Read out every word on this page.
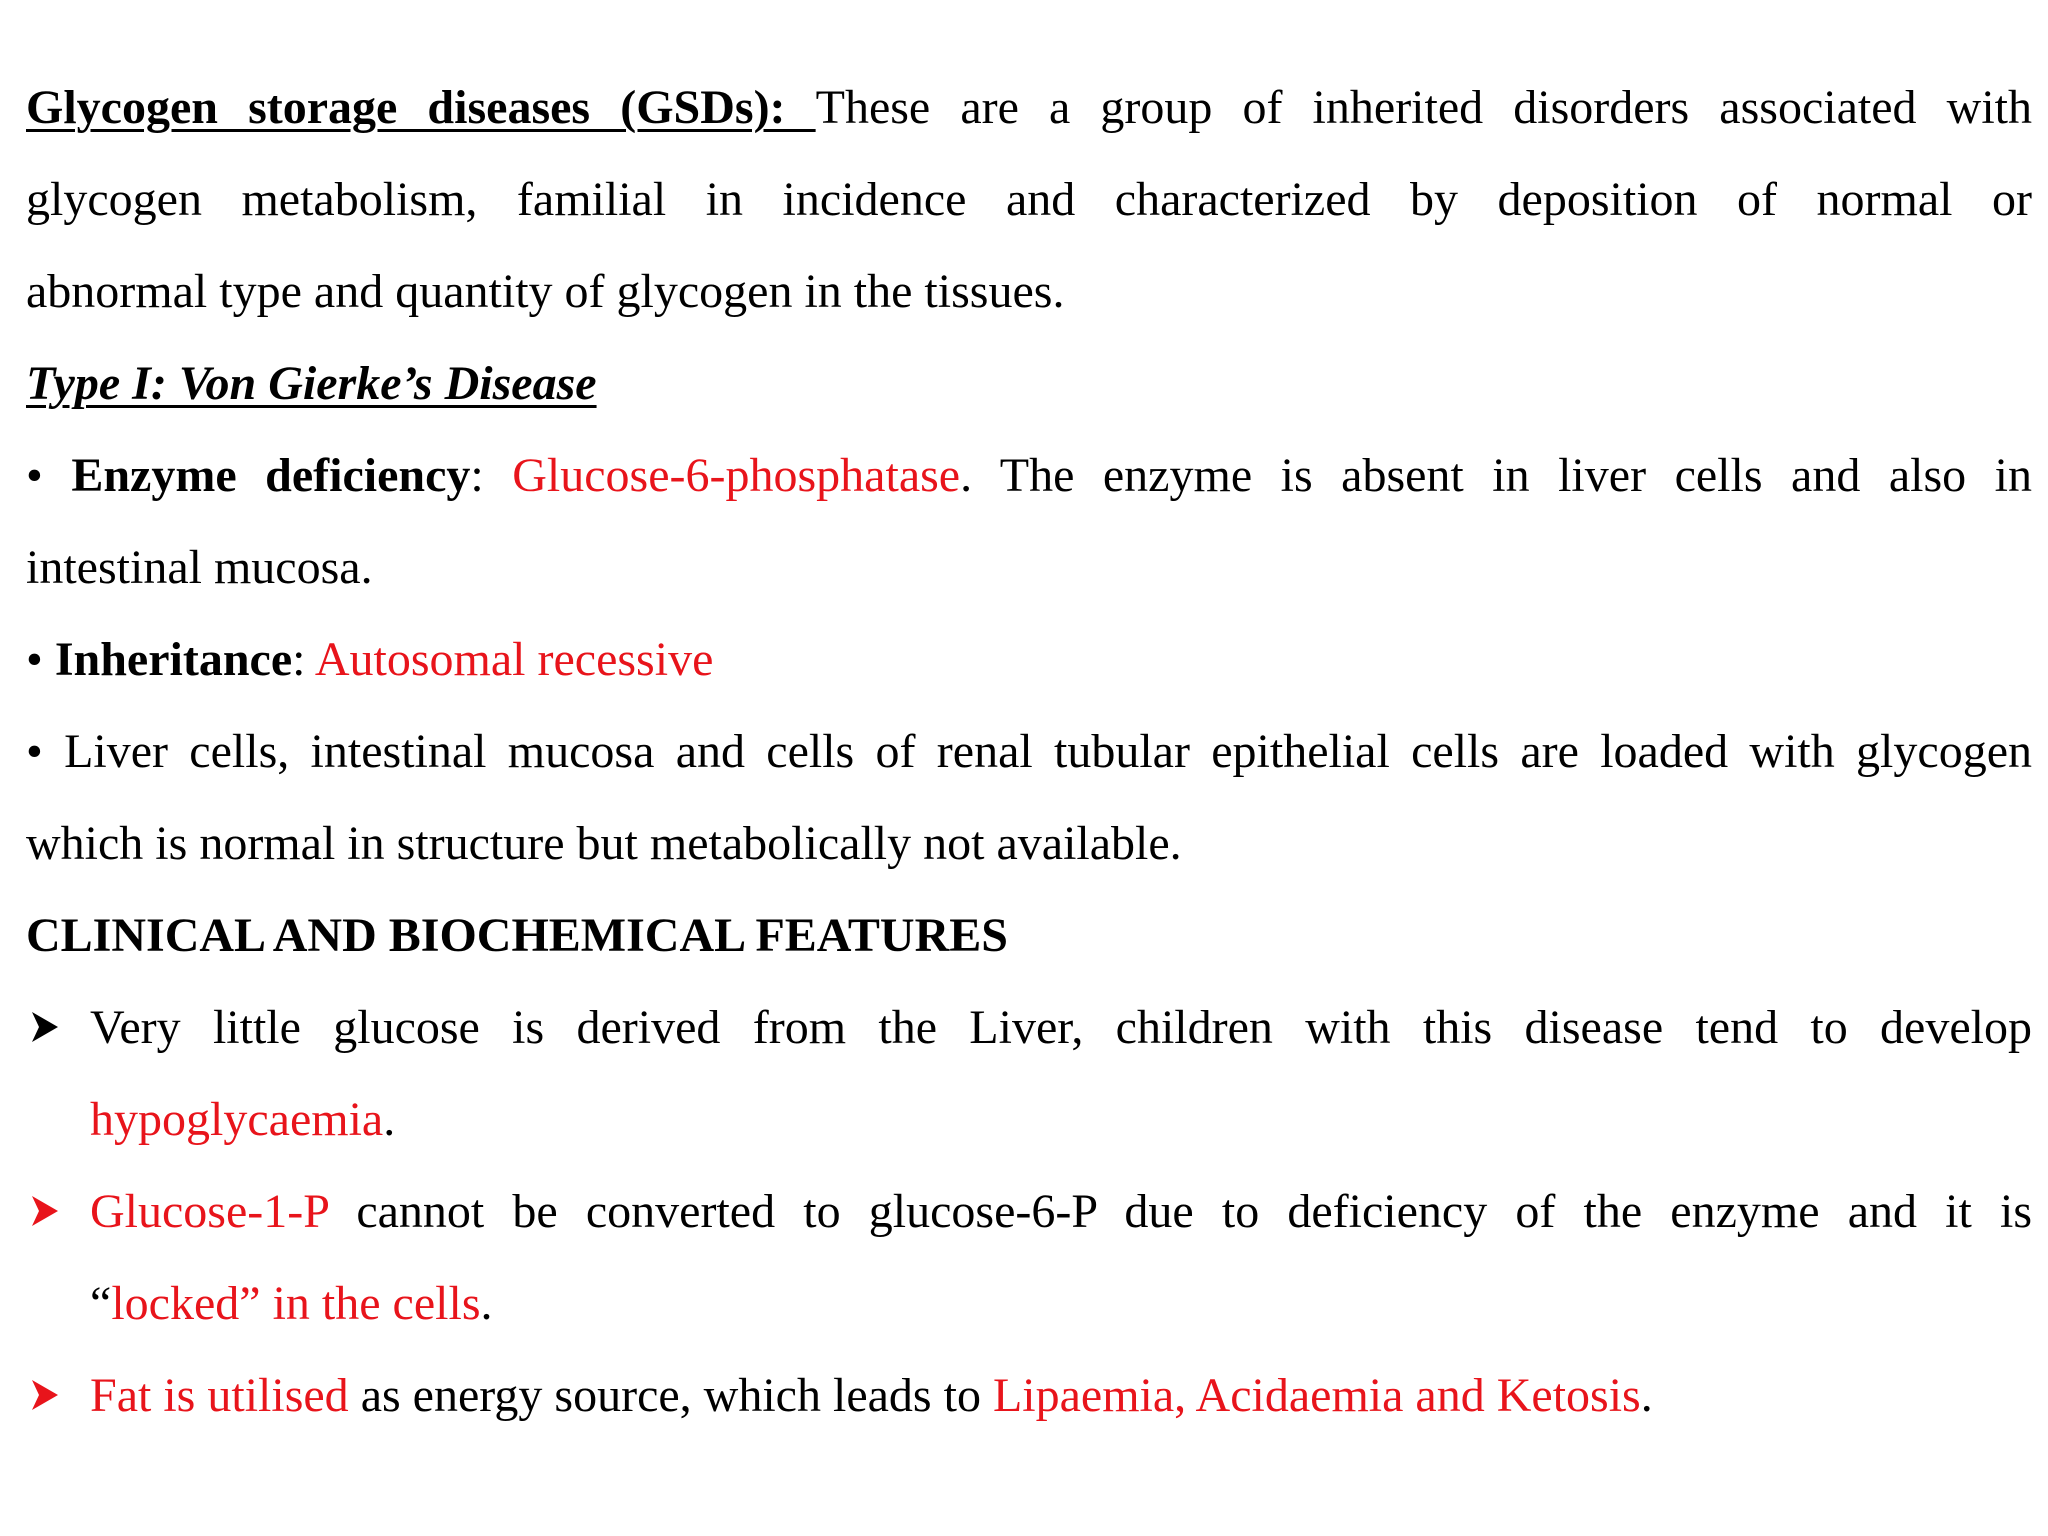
Glycogen storage diseases (GSDs): These are a group of inherited disorders associated with
glycogen metabolism, familial in incidence and characterized by deposition of normal or
abnormal type and quantity of glycogen in the tissues.
Type I: Von Gierke’s Disease
• Enzyme deficiency: Glucose-6-phosphatase. The enzyme is absent in liver cells and also in
intestinal mucosa.
• Inheritance: Autosomal recessive
• Liver cells, intestinal mucosa and cells of renal tubular epithelial cells are loaded with glycogen
which is normal in structure but metabolically not available.
CLINICAL AND BIOCHEMICAL FEATURES
Very little glucose is derived from the Liver, children with this disease tend to develop
hypoglycaemia.
Glucose-1-P cannot be converted to glucose-6-P due to deficiency of the enzyme and it is
“locked” in the cells.
Fat is utilised as energy source, which leads to Lipaemia, Acidaemia and Ketosis.
